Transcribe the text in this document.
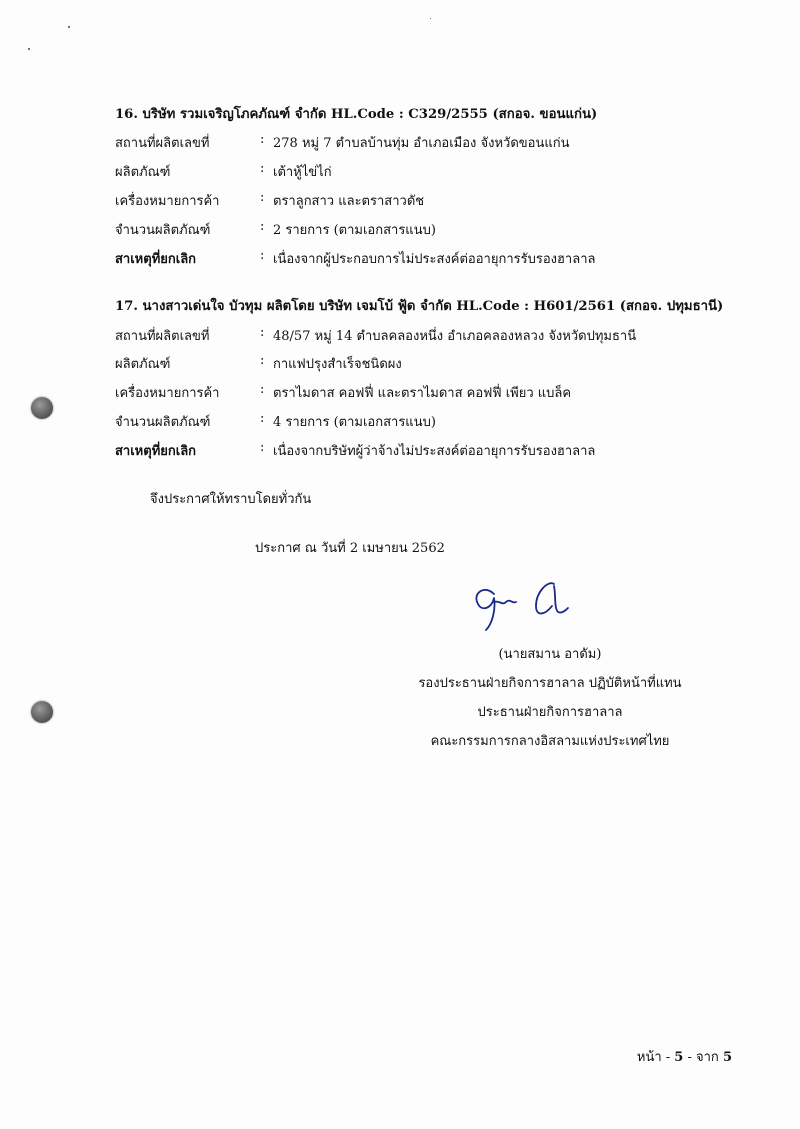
16. บริษัท รวมเจริญโภคภัณฑ์ จำกัด HL.Code : C329/2555 (สกอจ. ขอนแก่น)
สถานที่ผลิตเลขที่	: 278 หมู่ 7 ตำบลบ้านทุ่ม อำเภอเมือง จังหวัดขอนแก่น
ผลิตภัณฑ์	: เต้าหู้ไข่ไก่
เครื่องหมายการค้า	: ตราลูกสาว และตราสาวดัช
จำนวนผลิตภัณฑ์	: 2 รายการ (ตามเอกสารแนบ)
สาเหตุที่ยกเลิก	: เนื่องจากผู้ประกอบการไม่ประสงค์ต่ออายุการรับรองฮาลาล
17. นางสาวเด่นใจ บัวทุม ผลิตโดย บริษัท เจมโบ้ ฟู้ด จำกัด HL.Code : H601/2561 (สกอจ. ปทุมธานี)
สถานที่ผลิตเลขที่	: 48/57 หมู่ 14 ตำบลคลองหนึ่ง อำเภอคลองหลวง จังหวัดปทุมธานี
ผลิตภัณฑ์	: กาแฟปรุงสำเร็จชนิดผง
เครื่องหมายการค้า	: ตราไมดาส คอฟฟี่ และตราไมดาส คอฟฟี่ เพียว แบล็ค
จำนวนผลิตภัณฑ์	: 4 รายการ (ตามเอกสารแนบ)
สาเหตุที่ยกเลิก	: เนื่องจากบริษัทผู้ว่าจ้างไม่ประสงค์ต่ออายุการรับรองฮาลาล
จึงประกาศให้ทราบโดยทั่วกัน
ประกาศ ณ วันที่ 2 เมษายน 2562
(นายสมาน อาดัม)
รองประธานฝ่ายกิจการฮาลาล ปฏิบัติหน้าที่แทน
ประธานฝ่ายกิจการฮาลาล
คณะกรรมการกลางอิสลามแห่งประเทศไทย
หน้า - 5 - จาก 5
